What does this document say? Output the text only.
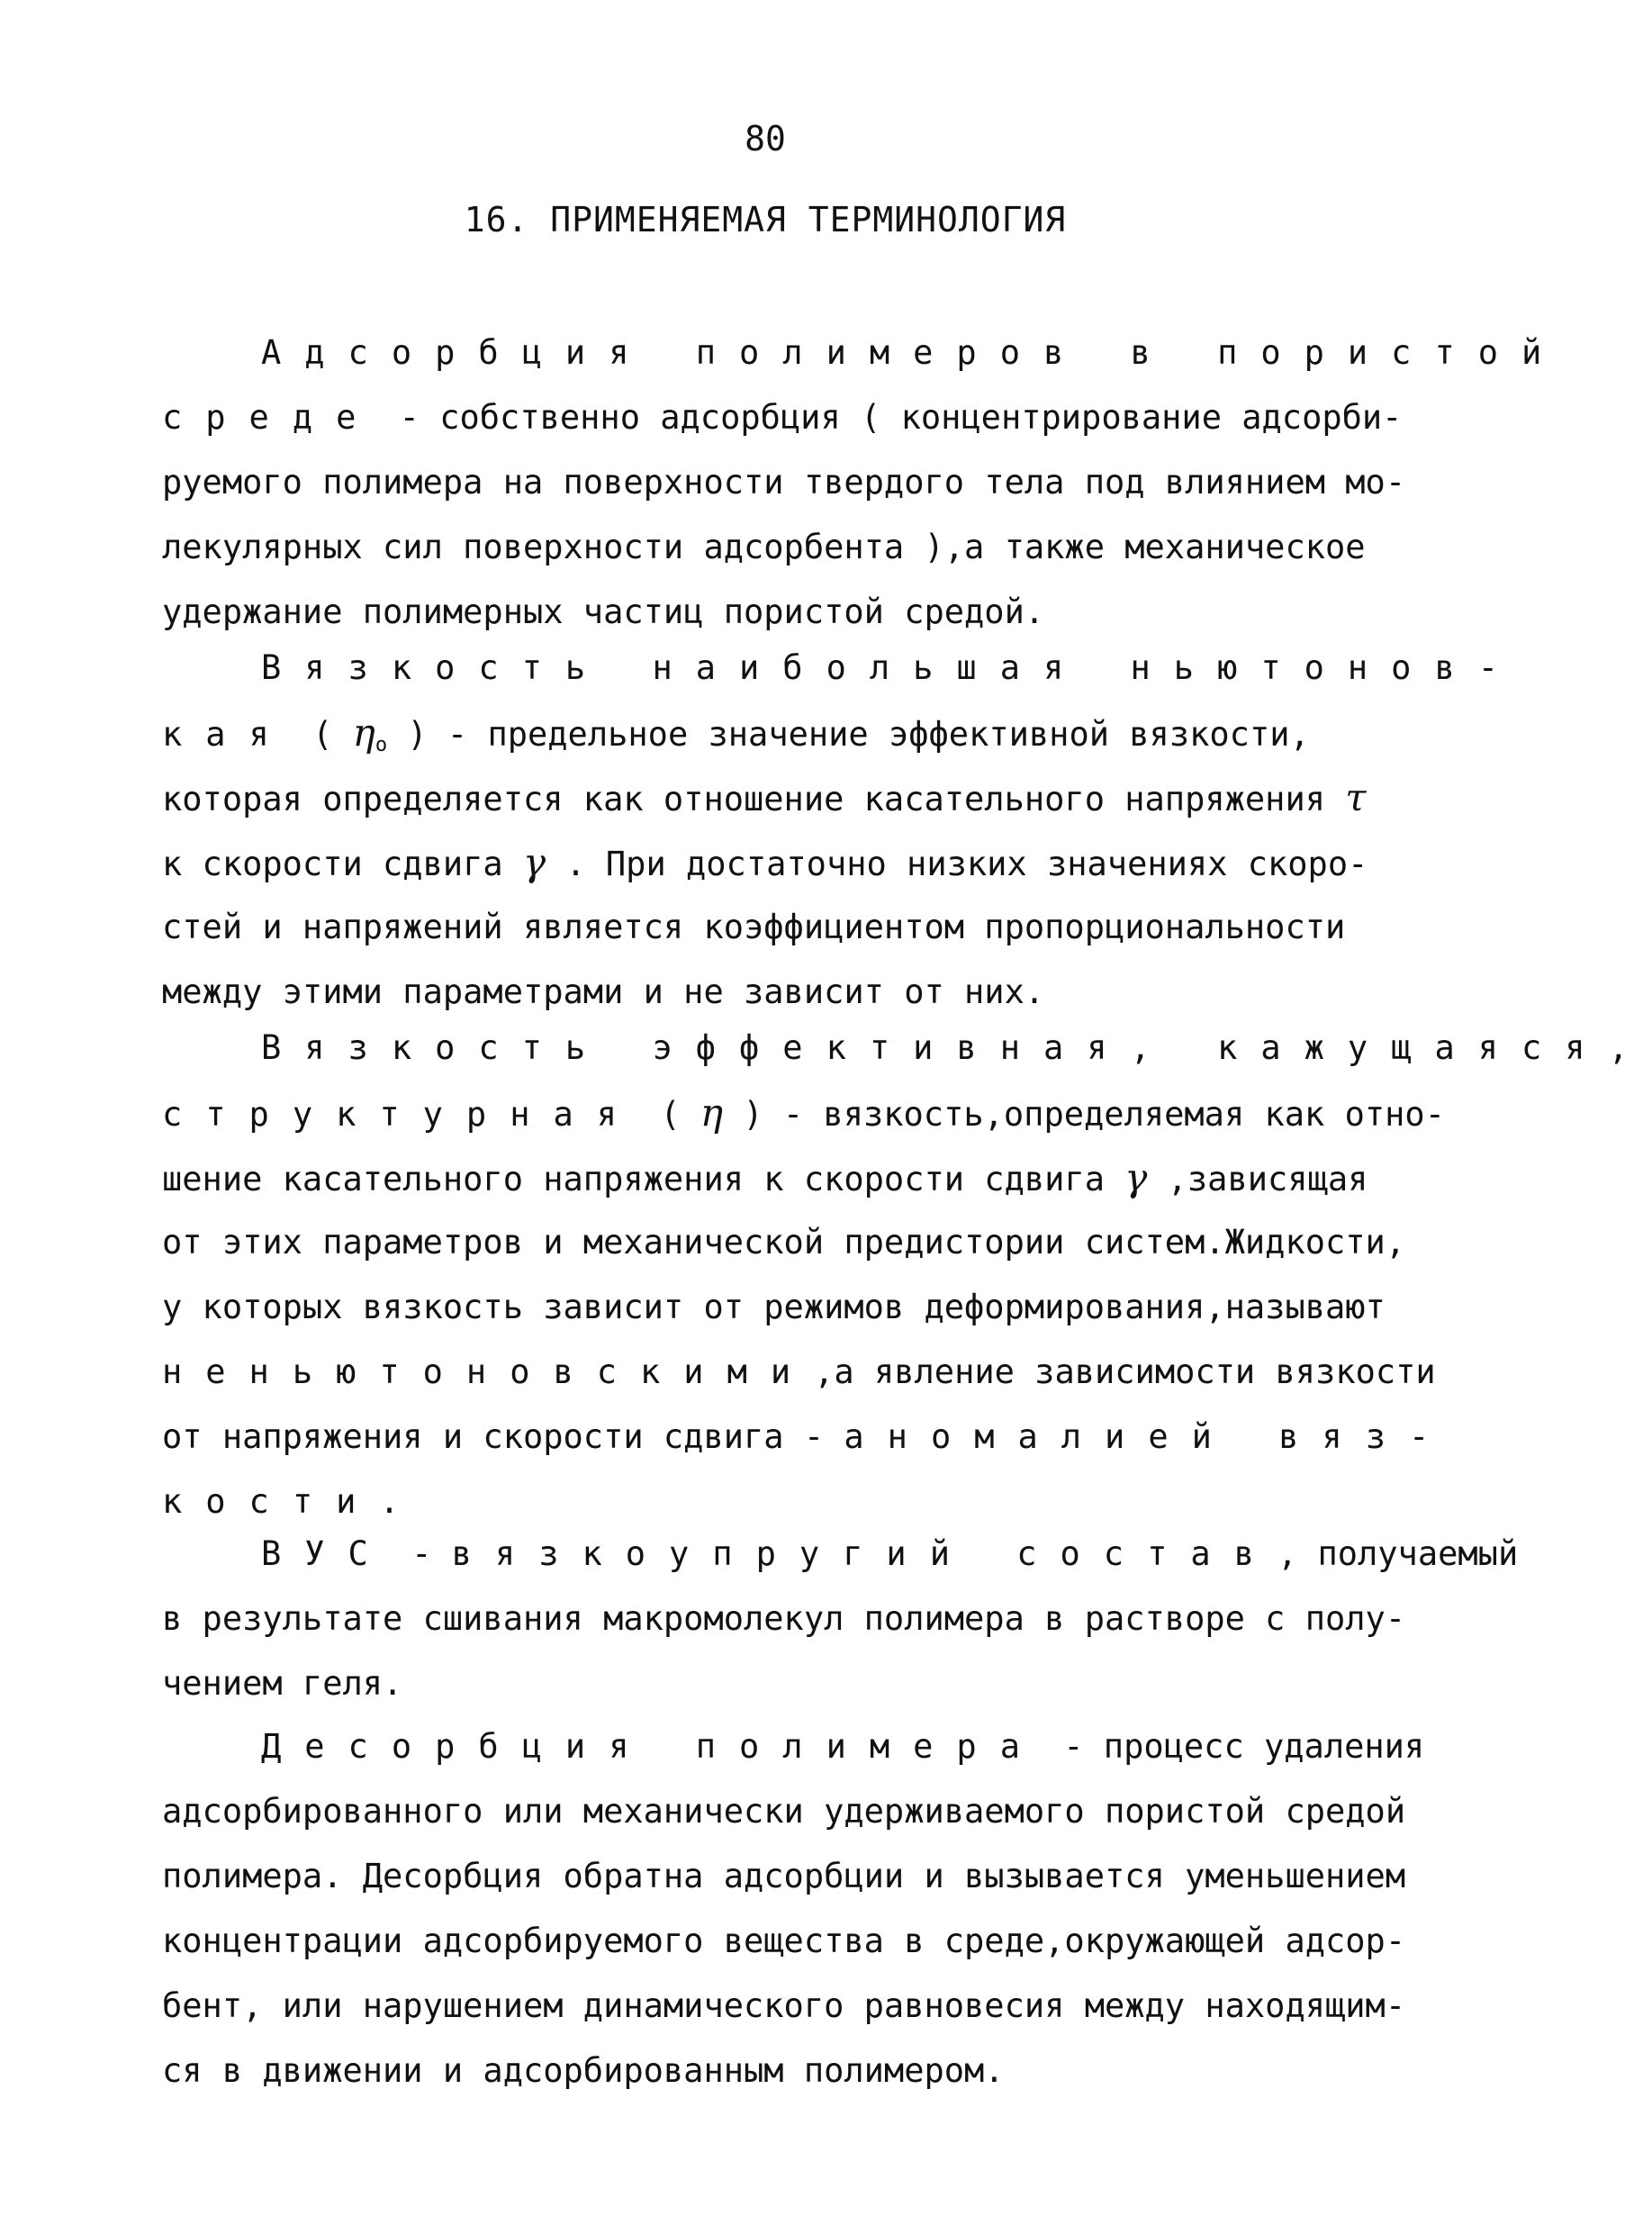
80
16. ПРИМЕНЯЕМАЯ ТЕРМИНОЛОГИЯ
Адсорбция полимеров в пористой
среде - собственно адсорбция ( концентрирование адсорби-
руемого полимера на поверхности твердого тела под влиянием мо-
лекулярных сил поверхности адсорбента ),а также механическое
удержание полимерных частиц пористой средой.
Вязкость наибольшая ньютонов-
кая ( $\eta_o$ ) - предельное значение эффективной вязкости,
которая определяется как отношение касательного напряжения τ
к скорости сдвига γ . При достаточно низких значениях скоро-
стей и напряжений является коэффициентом пропорциональности
между этими параметрами и не зависит от них.
Вязкость эффективная, кажущаяся,
структурная ( η ) - вязкость,определяемая как отно-
шение касательного напряжения к скорости сдвига γ ,зависящая
от этих параметров и механической предистории систем.Жидкости,
у которых вязкость зависит от режимов деформирования,называют
неньютоновскими,а явление зависимости вязкости
от напряжения и скорости сдвига - аномалией вяз-
кости.
ВУС - вязкоупругий состав, получаемый
в результате сшивания макромолекул полимера в растворе с полу-
чением геля.
Десорбция полимера - процесс удаления
адсорбированного или механически удерживаемого пористой средой
полимера. Десорбция обратна адсорбции и вызывается уменьшением
концентрации адсорбируемого вещества в среде,окружающей адсор-
бент, или нарушением динамического равновесия между находящим-
ся в движении и адсорбированным полимером.
